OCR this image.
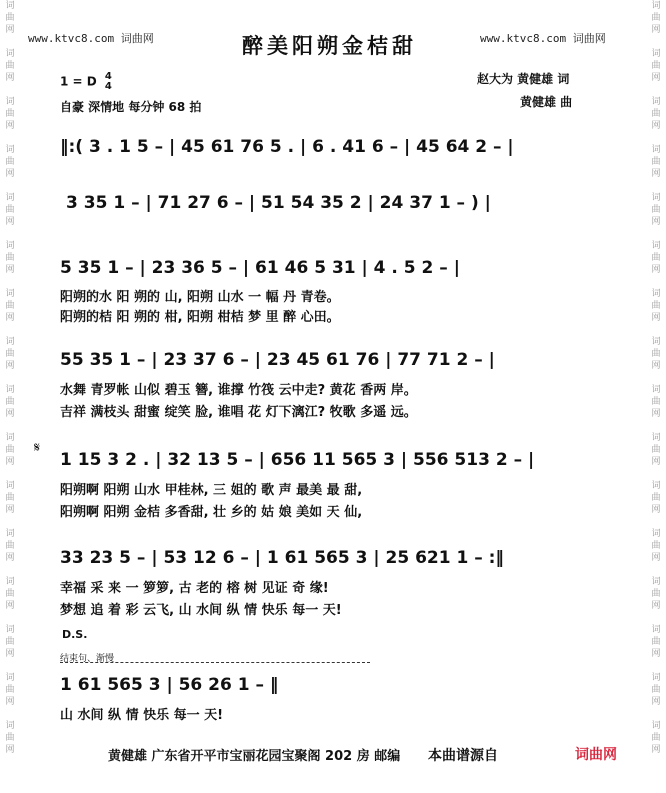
词
曲
网

词
曲
网

词
曲
网

词
曲
网

词
曲
网

词
曲
网

词
曲
网

词
曲
网

词
曲
网

词
曲
网

词
曲
网

词
曲
网

词
曲
网

词
曲
网

词
曲
网

词
曲
网

词
曲
网

词
曲
网

词
曲
网

词
曲
网

词
曲
网

词
曲
网

词
曲
网

词
曲
网

词
曲
网

词
曲
网

词
曲
网

词
曲
网

词
曲
网

词
曲
网

词
曲
网

词
曲
网

www.ktvc8.com 词曲网	www.ktvc8.com 词曲网
醉美阳朔金桔甜
1 = D 4
4
赵大为 黄健雄 词
黄健雄 曲
自豪 深情地 每分钟 68 拍
‖:( 3 . 1 5 – | 45 61 76 5 . | 6 . 41 6 – | 45 64 2 – |
3 35 1 – | 71 27 6 – | 51 54 35 2 | 24 37 1 – ) |
5 35 1 – | 23 36 5 – | 61 46 5 31 | 4 . 5 2 – |
阳朔的水 阳 朔的 山, 阳朔 山水 一 幅 丹 青卷。
阳朔的桔 阳 朔的 柑, 阳朔 柑桔 梦 里 醉 心田。
55 35 1 – | 23 37 6 – | 23 45 61 76 | 77 71 2 – |
水舞 青罗帐 山似 碧玉 簪, 谁撑 竹筏 云中走? 黄花 香两 岸。
吉祥 满枝头 甜蜜 绽笑 脸, 谁唱 花 灯下漓江? 牧歌 多遥 远。
𝄋
1 15 3 2 . | 32 13 5 – | 656 11 565 3 | 556 513 2 – |
阳朔啊 阳朔 山水 甲桂林, 三 姐的 歌 声 最美 最 甜,
阳朔啊 阳朔 金桔 多香甜, 壮 乡的 姑 娘 美如 天 仙,
33 23 5 – | 53 12 6 – | 1 61 565 3 | 25 621 1 – :‖
幸福 采 来 一 箩箩, 古 老的 榕 树 见证 奇 缘!
梦想 追 着 彩 云飞, 山 水间 纵 情 快乐 每一 天!
D.S.
结束句、渐慢
1 61 565 3 | 56 26 1 – ‖
山 水间 纵 情 快乐 每一 天!
黄健雄 广东省开平市宝丽花园宝聚阁 202 房 邮编 本曲谱源自	词曲网
